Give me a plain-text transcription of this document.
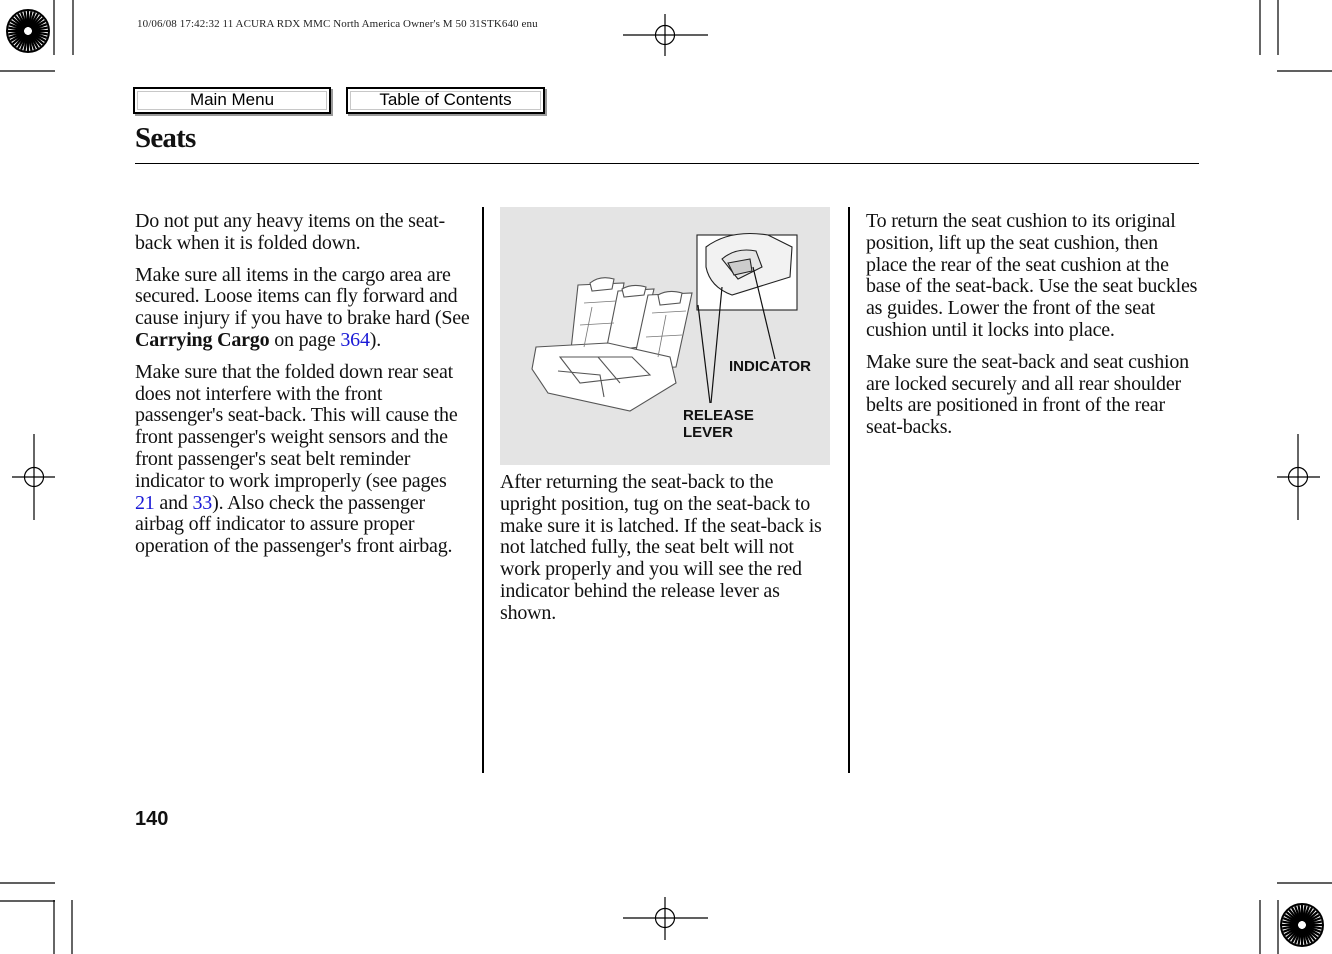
10/06/08 17:42:32 11 ACURA RDX MMC North America Owner's M 50 31STK640 enu
Main Menu	Table of Contents
Seats

Do not put any heavy items on the seat-back when it is folded down.

Make sure all items in the cargo area are secured. Loose items can fly forward and cause injury if you have to brake hard (See Carrying Cargo on page 364).

Make sure that the folded down rear seat does not interfere with the front passenger's seat-back. This will cause the front passenger's weight sensors and the front passenger's seat belt reminder indicator to work improperly (see pages 21 and 33). Also check the passenger airbag off indicator to assure proper operation of the passenger's front airbag.

INDICATOR
RELEASE
LEVER

After returning the seat-back to the upright position, tug on the seat-back to make sure it is latched. If the seat-back is not latched fully, the seat belt will not work properly and you will see the red indicator behind the release lever as shown.

To return the seat cushion to its original position, lift up the seat cushion, then place the rear of the seat cushion at the base of the seat-back. Use the seat buckles as guides. Lower the front of the seat cushion until it locks into place.

Make sure the seat-back and seat cushion are locked securely and all rear shoulder belts are positioned in front of the rear seat-backs.

140
